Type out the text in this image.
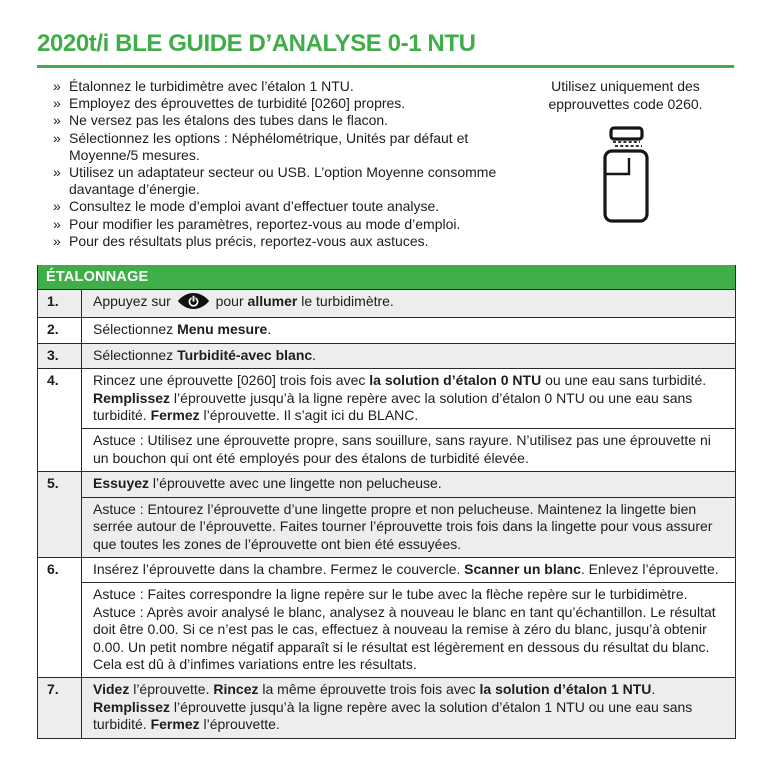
2020t/i BLE GUIDE D’ANALYSE 0-1 NTU
» Étalonnez le turbidimètre avec l’étalon 1 NTU.
» Employez des éprouvettes de turbidité [0260] propres.
» Ne versez pas les étalons des tubes dans le flacon.
» Sélectionnez les options : Néphélométrique, Unités par défaut et Moyenne/5 mesures.
» Utilisez un adaptateur secteur ou USB. L’option Moyenne consomme davantage d’énergie.
» Consultez le mode d’emploi avant d’effectuer toute analyse.
» Pour modifier les paramètres, reportez-vous au mode d’emploi.
» Pour des résultats plus précis, reportez-vous aux astuces.
Utilisez uniquement des epprouvettes code 0260.
ÉTALONNAGE
1.	Appuyez sur	pour allumer le turbidimètre.
2.	Sélectionnez Menu mesure.
3.	Sélectionnez Turbidité-avec blanc.
4.	Rincez une éprouvette [0260] trois fois avec la solution d’étalon 0 NTU ou une eau sans turbidité. Remplissez l’éprouvette jusqu’à la ligne repère avec la solution d’étalon 0 NTU ou une eau sans turbidité. Fermez l’éprouvette. Il s’agit ici du BLANC.
Astuce : Utilisez une éprouvette propre, sans souillure, sans rayure. N’utilisez pas une éprouvette ni un bouchon qui ont été employés pour des étalons de turbidité élevée.
5.	Essuyez l’éprouvette avec une lingette non pelucheuse.
Astuce : Entourez l’éprouvette d’une lingette propre et non pelucheuse. Maintenez la lingette bien serrée autour de l’éprouvette. Faites tourner l’éprouvette trois fois dans la lingette pour vous assurer que toutes les zones de l’éprouvette ont bien été essuyées.
6.	Insérez l’éprouvette dans la chambre. Fermez le couvercle. Scanner un blanc. Enlevez l’éprouvette.
Astuce : Faites correspondre la ligne repère sur le tube avec la flèche repère sur le turbidimètre.
Astuce : Après avoir analysé le blanc, analysez à nouveau le blanc en tant qu’échantillon. Le résultat doit être 0.00. Si ce n’est pas le cas, effectuez à nouveau la remise à zéro du blanc, jusqu’à obtenir 0.00. Un petit nombre négatif apparaît si le résultat est légèrement en dessous du résultat du blanc. Cela est dû à d’infimes variations entre les résultats.
7.	Videz l’éprouvette. Rincez la même éprouvette trois fois avec la solution d’étalon 1 NTU. Remplissez l’éprouvette jusqu’à la ligne repère avec la solution d’étalon 1 NTU ou une eau sans turbidité. Fermez l’éprouvette.
